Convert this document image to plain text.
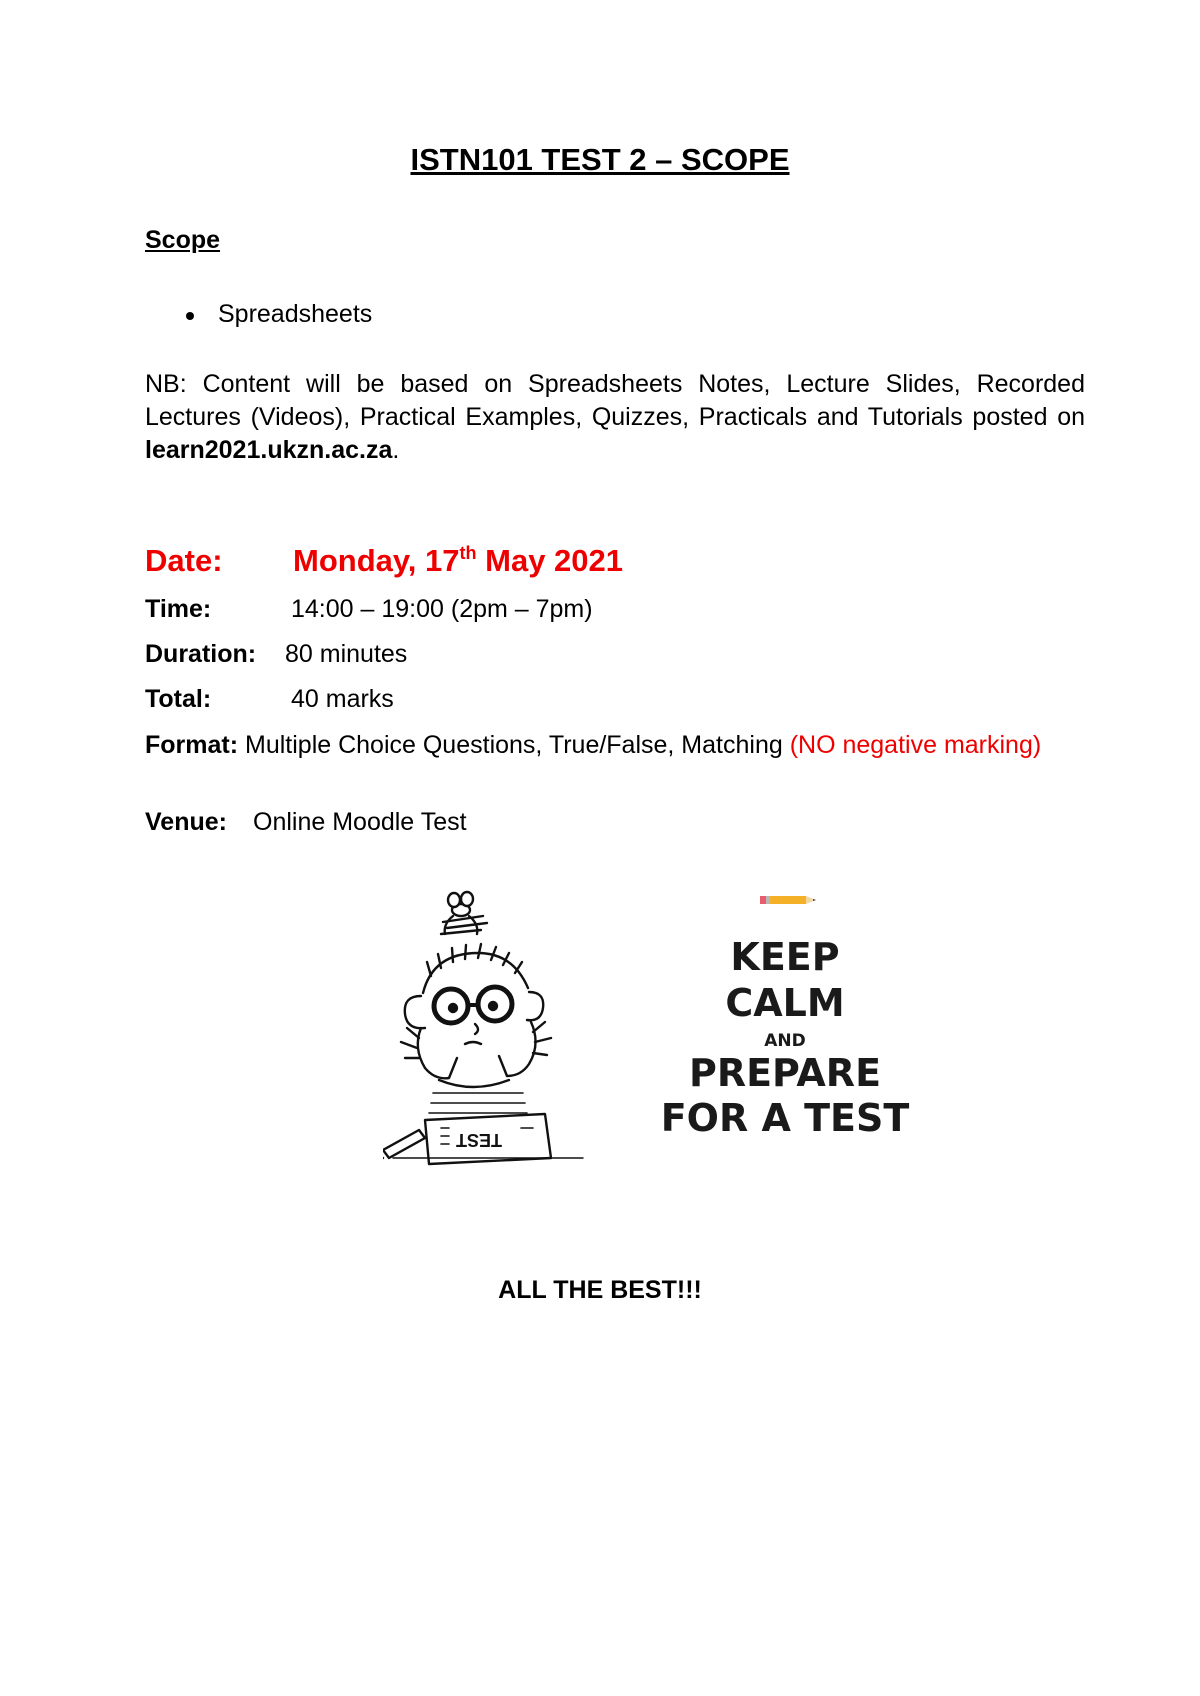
ISTN101 TEST 2 – SCOPE
Scope
Spreadsheets

NB: Content will be based on Spreadsheets Notes, Lecture Slides, Recorded Lectures (Videos), Practical Examples, Quizzes, Practicals and Tutorials posted on learn2021.ukzn.ac.za.

Date: Monday, 17th May 2021
Time:	14:00 – 19:00 (2pm – 7pm)
Duration: 80 minutes
Total:	40 marks

Format: Multiple Choice Questions, True/False, Matching (NO negative marking)

Venue: Online Moodle Test
TEST
KEEP
CALM
AND
PREPARE
FOR A TEST
ALL THE BEST!!!
